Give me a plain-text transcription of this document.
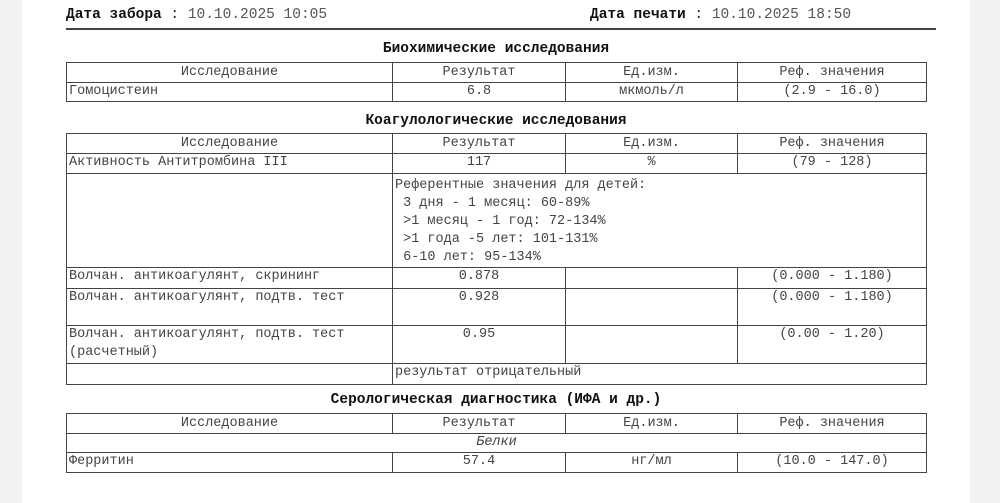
Дата забора : 10.10.2025 10:05	Дата печати : 10.10.2025 18:50
Биохимические исследования
Исследование	Результат	Ед.изм.	Реф. значения
Гомоцистеин	6.8	мкмоль/л	(2.9 - 16.0)
Коагулологические исследования
Исследование	Результат	Ед.изм.	Реф. значения
Активность Антитромбина III	117	%	(79 - 128)
	Референтные значения для детей:
3 дня - 1 месяц: 60-89%
>1 месяц - 1 год: 72-134%
>1 года -5 лет: 101-131%
6-10 лет: 95-134%		
Волчан. антикоагулянт, скрининг	0.878		(0.000 - 1.180)
Волчан. антикоагулянт, подтв. тест	0.928		(0.000 - 1.180)
Волчан. антикоагулянт, подтв. тест (расчетный)	0.95		(0.00 - 1.20)
	результат отрицательный		
Серологическая диагностика (ИФА и др.)
Исследование	Результат	Ед.изм.	Реф. значения
Белки			
Ферритин	57.4	нг/мл	(10.0 - 147.0)
